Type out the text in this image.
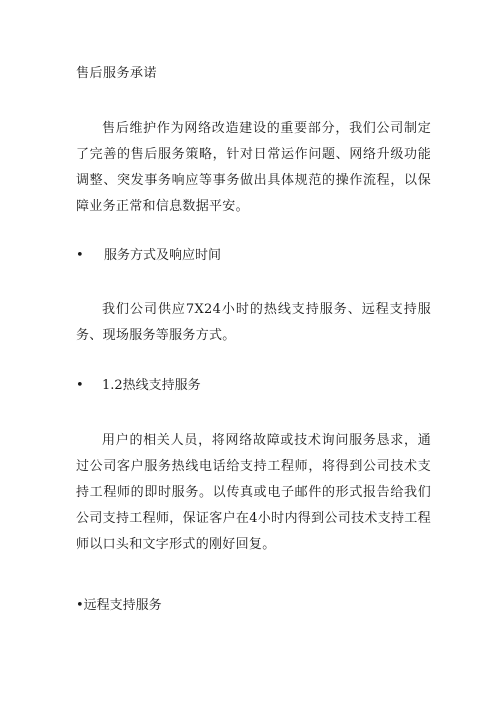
售后服务承诺
售后维护作为网络改造建设的重要部分，我们公司制定了完善的售后服务策略，针对日常运作问题、网络升级功能调整、突发事务响应等事务做出具体规范的操作流程，以保障业务正常和信息数据平安。
• 服务方式及响应时间
我们公司供应7X24小时的热线支持服务、远程支持服务、现场服务等服务方式。
• 1.2热线支持服务
用户的相关人员，将网络故障或技术询问服务恳求，通过公司客户服务热线电话给支持工程师，将得到公司技术支持工程师的即时服务。以传真或电子邮件的形式报告给我们公司支持工程师，保证客户在4小时内得到公司技术支持工程师以口头和文字形式的刚好回复。
•远程支持服务
